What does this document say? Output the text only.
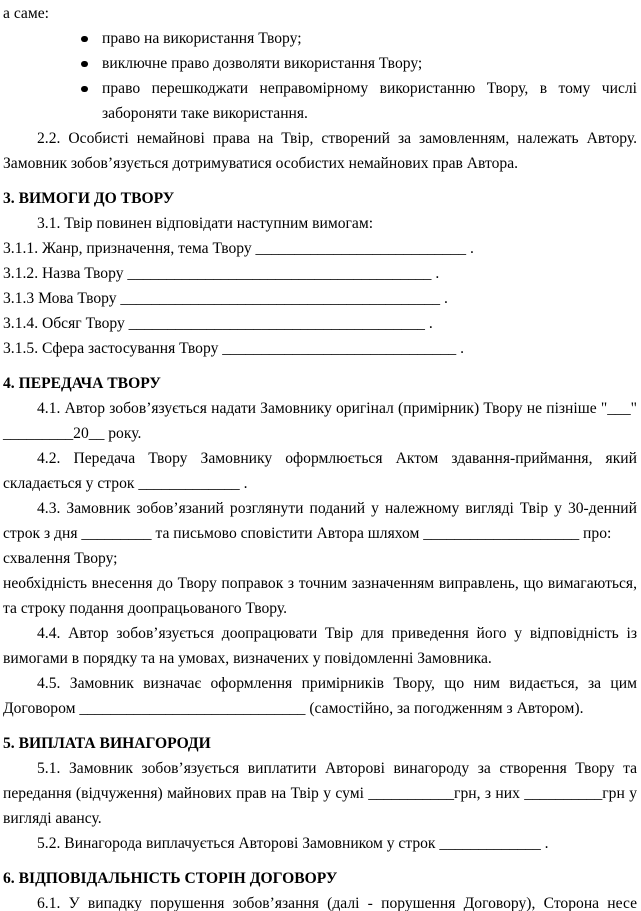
а саме:

право на використання Твору;
виключне право дозволяти використання Твору;
право перешкоджати неправомірному використанню Твору, в тому числі забороняти таке використання.

2.2. Особисті немайнові права на Твір, створений за замовленням, належать Автору. Замовник зобов’язується дотримуватися особистих немайнових прав Автора.

3. ВИМОГИ ДО ТВОРУ

3.1. Твір повинен відповідати наступним вимогам:

3.1.1. Жанр, призначення, тема Твору ___________________________ .

3.1.2. Назва Твору _______________________________________ .

3.1.3 Мова Твору _________________________________________ .

3.1.4. Обсяг Твору ______________________________________ .

3.1.5. Сфера застосування Твору ______________________________ .

4. ПЕРЕДАЧА ТВОРУ

4.1. Автор зобов’язується надати Замовнику оригінал (примірник) Твору не пізніше "___" _________20__ року.

4.2. Передача Твору Замовнику оформлюється Актом здавання-приймання, який складається у строк _____________ .

4.3. Замовник зобов’язаний розглянути поданий у належному вигляді Твір у 30-денний строк з дня _________ та письмово сповістити Автора шляхом ____________________ про:

схвалення Твору;

необхідність внесення до Твору поправок з точним зазначенням виправлень, що вимагаються, та строку подання доопрацьованого Твору.

4.4. Автор зобов’язується доопрацювати Твір для приведення його у відповідність із вимогами в порядку та на умовах, визначених у повідомленні Замовника.

4.5. Замовник визначає оформлення примірників Твору, що ним видається, за цим Договором _____________________________ (самостійно, за погодженням з Автором).

5. ВИПЛАТА ВИНАГОРОДИ

5.1. Замовник зобов’язується виплатити Авторові винагороду за створення Твору та передання (відчуження) майнових прав на Твір у сумі ___________грн, з них __________грн у вигляді авансу.

5.2. Винагорода виплачується Авторові Замовником у строк _____________ .

6. ВІДПОВІДАЛЬНІСТЬ СТОРІН ДОГОВОРУ

6.1. У випадку порушення зобов’язання (далі - порушення Договору), Сторона несе
